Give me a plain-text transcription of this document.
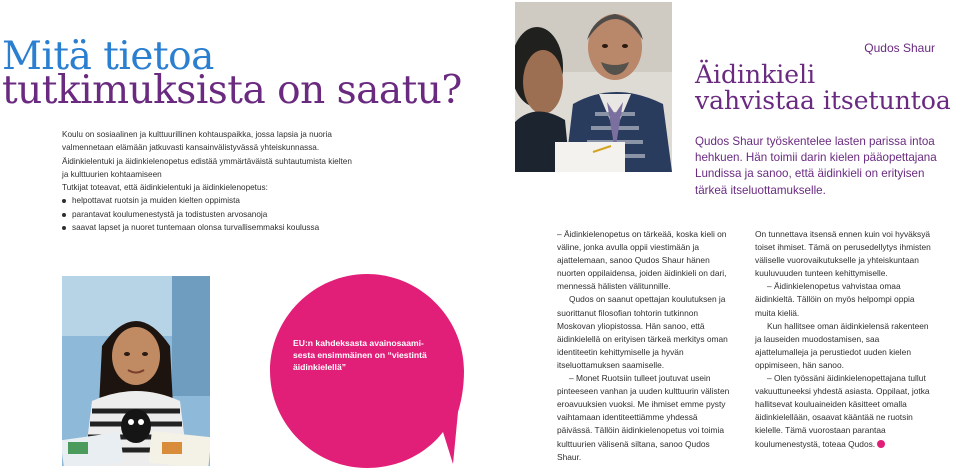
Mitä tietoa
tutkimuksista on saatu?

Koulu on sosiaalinen ja kulttuurillinen kohtauspaikka, jossa lapsia ja nuoria valmennetaan elämään jatkuvasti kansainvälistyvässä yhteiskunnassa. Äidinkielentuki ja äidinkielenopetus edistää ymmärtäväistä suhtautumista kielten ja kulttuurien kohtaamiseen

Tutkijat toteavat, että äidinkielentuki ja äidinkielenopetus:

helpottavat ruotsin ja muiden kielten oppimista
parantavat koulumenestystä ja todistusten arvosanoja
saavat lapset ja nuoret tuntemaan olonsa turvallisemmaksi koulussa
EU:n kahdeksasta avainosaami- sesta ensimmäinen on “viestintä äidinkielellä”
Qudos Shaur
Äidinkieli
vahvistaa itsetuntoa
Qudos Shaur työskentelee lasten parissa intoa hehkuen. Hän toimii darin kielen pääopettajana Lundissa ja sanoo, että äidinkieli on erityisen tärkeä itseluottamukselle.

– Äidinkielenopetus on tärkeää, koska kieli on väline, jonka avulla oppii viestimään ja ajattelemaan, sanoo Qudos Shaur hänen nuorten oppilaidensa, joiden äidinkieli on dari, mennessä hälisten välitunnille.

Qudos on saanut opettajan koulutuksen ja suorittanut filosofian tohtorin tutkinnon Moskovan yliopistossa. Hän sanoo, että äidinkielellä on erityisen tärkeä merkitys oman identiteetin kehittymiselle ja hyvän itseluottamuksen saamiselle.

– Monet Ruotsiin tulleet joutuvat usein pinteeseen vanhan ja uuden kulttuurin välisten eroavuuksien vuoksi. Me ihmiset emme pysty vaihtamaan identiteettiämme yhdessä päivässä. Tällöin äidinkielenopetus voi toimia kulttuurien välisenä siltana, sanoo Qudos Shaur.

On tunnettava itsensä ennen kuin voi hyväksyä toiset ihmiset. Tämä on perusedellytys ihmisten väliselle vuorovaikutukselle ja yhteiskuntaan kuuluvuuden tunteen kehittymiselle.

– Äidinkielenopetus vahvistaa omaa äidinkieltä. Tällöin on myös helpompi oppia muita kieliä.

Kun hallitsee oman äidinkielensä rakenteen ja lauseiden muodostamisen, saa ajattelumalleja ja perustiedot uuden kielen oppimiseen, hän sanoo.

– Olen työssäni äidinkielenopettajana tullut vakuuttuneeksi yhdestä asiasta. Oppilaat, jotka hallitsevat kouluaineiden käsitteet omalla äidinkielellään, osaavat kääntää ne ruotsin kielelle. Tämä vuorostaan parantaa koulumenestystä, toteaa Qudos.
